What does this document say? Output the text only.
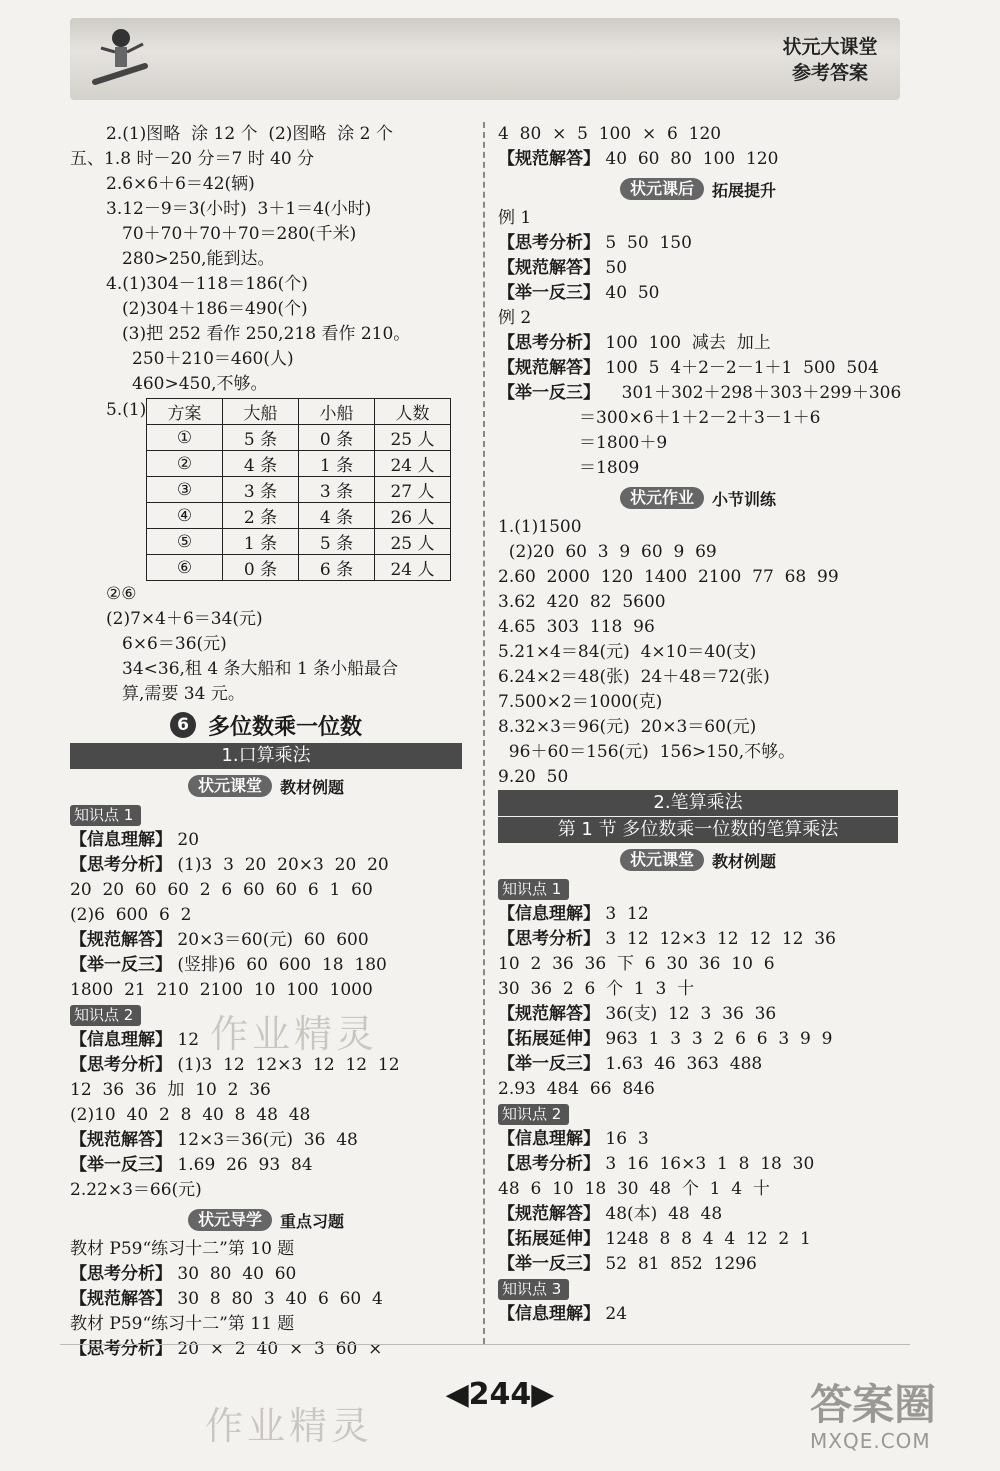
状元大课堂
参考答案
2.(1)图略  涂 12 个  (2)图略  涂 2 个
五、1.8 时－20 分＝7 时 40 分
2.6×6＋6＝42(辆)
3.12－9＝3(小时)  3＋1＝4(小时)
70＋70＋70＋70＝280(千米)
280>250,能到达。
4.(1)304－118＝186(个)
(2)304＋186＝490(个)
(3)把 252 看作 250,218 看作 210。
250＋210＝460(人)
460>450,不够。
5.(1) 方案	大船	小船	人数
①	5 条	0 条	25 人
②	4 条	1 条	24 人
③	3 条	3 条	27 人
④	2 条	4 条	26 人
⑤	1 条	5 条	25 人
⑥	0 条	6 条	24 人
②⑥
(2)7×4＋6＝34(元)
6×6＝36(元)
34<36,租 4 条大船和 1 条小船最合
算,需要 34 元。
6 多位数乘一位数
1.口算乘法
状元课堂	教材例题
知识点 1
【信息理解】 20
【思考分析】 (1)3  3  20  20×3  20  20
20  20  60  60  2  6  60  60  6  1  60
(2)6  600  6  2
【规范解答】 20×3＝60(元)  60  600
【举一反三】 (竖排)6  60  600  18  180
1800  21  210  2100  10  100  1000
知识点 2
【信息理解】 12
【思考分析】 (1)3  12  12×3  12  12  12
12  36  36  加  10  2  36
(2)10  40  2  8  40  8  48  48
【规范解答】 12×3＝36(元)  36  48
【举一反三】 1.69  26  93  84
2.22×3＝66(元)
状元导学	重点习题
教材 P59“练习十二”第 10 题
【思考分析】 30  80  40  60
【规范解答】 30  8  80  3  40  6  60  4
教材 P59“练习十二”第 11 题
【思考分析】 20  ×  2  40  ×  3  60  ×
4  80  ×  5  100  ×  6  120
【规范解答】 40  60  80  100  120
状元课后	拓展提升
例 1
【思考分析】 5  50  150
【规范解答】 50
【举一反三】 40  50
例 2
【思考分析】 100  100  减去  加上
【规范解答】 100  5  4＋2－2－1＋1  500  504
【举一反三】    301＋302＋298＋303＋299＋306
＝300×6＋1＋2－2＋3－1＋6
＝1800＋9
＝1809
状元作业	小节训练
1.(1)1500
(2)20  60  3  9  60  9  69
2.60  2000  120  1400  2100  77  68  99
3.62  420  82  5600
4.65  303  118  96
5.21×4＝84(元)  4×10＝40(支)
6.24×2＝48(张)  24＋48＝72(张)
7.500×2＝1000(克)
8.32×3＝96(元)  20×3＝60(元)
96＋60＝156(元)  156>150,不够。
9.20  50
2.笔算乘法
第 1 节 多位数乘一位数的笔算乘法
状元课堂	教材例题
知识点 1
【信息理解】 3  12
【思考分析】 3  12  12×3  12  12  12  36
10  2  36  36  下  6  30  36  10  6
30  36  2  6  个  1  3  十
【规范解答】 36(支)  12  3  36  36
【拓展延伸】 963  1  3  3  2  6  6  3  9  9
【举一反三】 1.63  46  363  488
2.93  484  66  846
知识点 2
【信息理解】 16  3
【思考分析】 3  16  16×3  1  8  18  30
48  6  10  18  30  48  个  1  4  十
【规范解答】 48(本)  48  48
【拓展延伸】 1248  8  8  4  4  12  2  1
【举一反三】 52  81  852  1296
知识点 3
【信息理解】 24
作业精灵
作业精灵
◀244▶	答案圈
MXQE.COM
